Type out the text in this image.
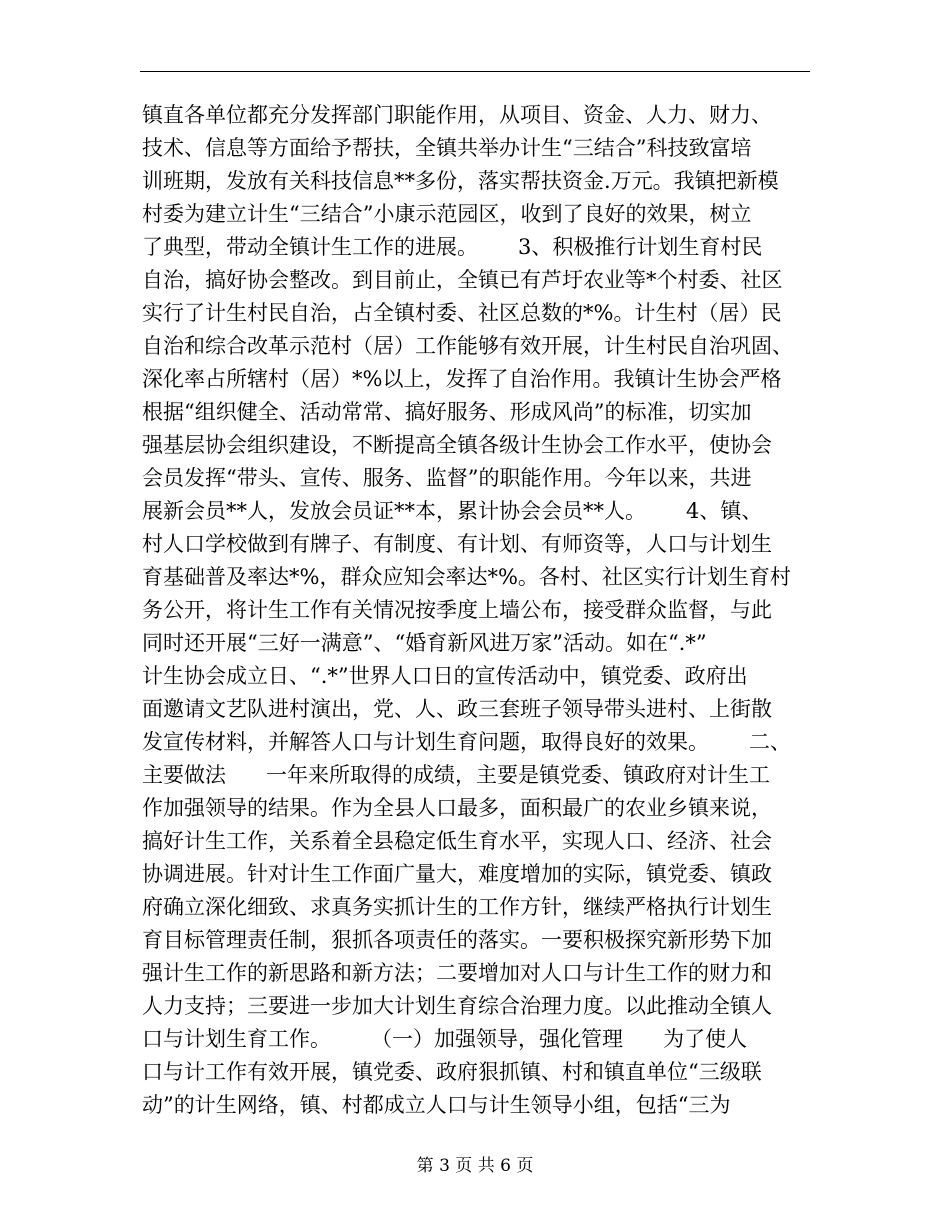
镇直各单位都充分发挥部门职能作用，从项目、资金、人力、财力、
技术、信息等方面给予帮扶，全镇共举办计生“三结合”科技致富培
训班期，发放有关科技信息**多份，落实帮扶资金.万元。我镇把新模
村委为建立计生“三结合”小康示范园区，收到了良好的效果，树立
了典型，带动全镇计生工作的进展。      3、积极推行计划生育村民
自治，搞好协会整改。到目前止，全镇已有芦圩农业等*个村委、社区
实行了计生村民自治，占全镇村委、社区总数的*%。计生村（居）民
自治和综合改革示范村（居）工作能够有效开展，计生村民自治巩固、
深化率占所辖村（居）*%以上，发挥了自治作用。我镇计生协会严格
根据“组织健全、活动常常、搞好服务、形成风尚”的标准，切实加
强基层协会组织建设，不断提高全镇各级计生协会工作水平，使协会
会员发挥“带头、宣传、服务、监督”的职能作用。今年以来，共进
展新会员**人，发放会员证**本，累计协会会员**人。      4、镇、
村人口学校做到有牌子、有制度、有计划、有师资等，人口与计划生
育基础普及率达*%，群众应知会率达*%。各村、社区实行计划生育村
务公开，将计生工作有关情况按季度上墙公布，接受群众监督，与此
同时还开展“三好一满意”、“婚育新风进万家”活动。如在“.*”
计生协会成立日、“.*”世界人口日的宣传活动中，镇党委、政府出
面邀请文艺队进村演出，党、人、政三套班子领导带头进村、上街散
发宣传材料，并解答人口与计划生育问题，取得良好的效果。      二、
主要做法      一年来所取得的成绩，主要是镇党委、镇政府对计生工
作加强领导的结果。作为全县人口最多，面积最广的农业乡镇来说，
搞好计生工作，关系着全县稳定低生育水平，实现人口、经济、社会
协调进展。针对计生工作面广量大，难度增加的实际，镇党委、镇政
府确立深化细致、求真务实抓计生的工作方针，继续严格执行计划生
育目标管理责任制，狠抓各项责任的落实。一要积极探究新形势下加
强计生工作的新思路和新方法；二要增加对人口与计生工作的财力和
人力支持；三要进一步加大计划生育综合治理力度。以此推动全镇人
口与计划生育工作。      （一）加强领导，强化管理      为了使人
口与计工作有效开展，镇党委、政府狠抓镇、村和镇直单位“三级联
动”的计生网络，镇、村都成立人口与计生领导小组，包括“三为
第 3 页 共 6 页
